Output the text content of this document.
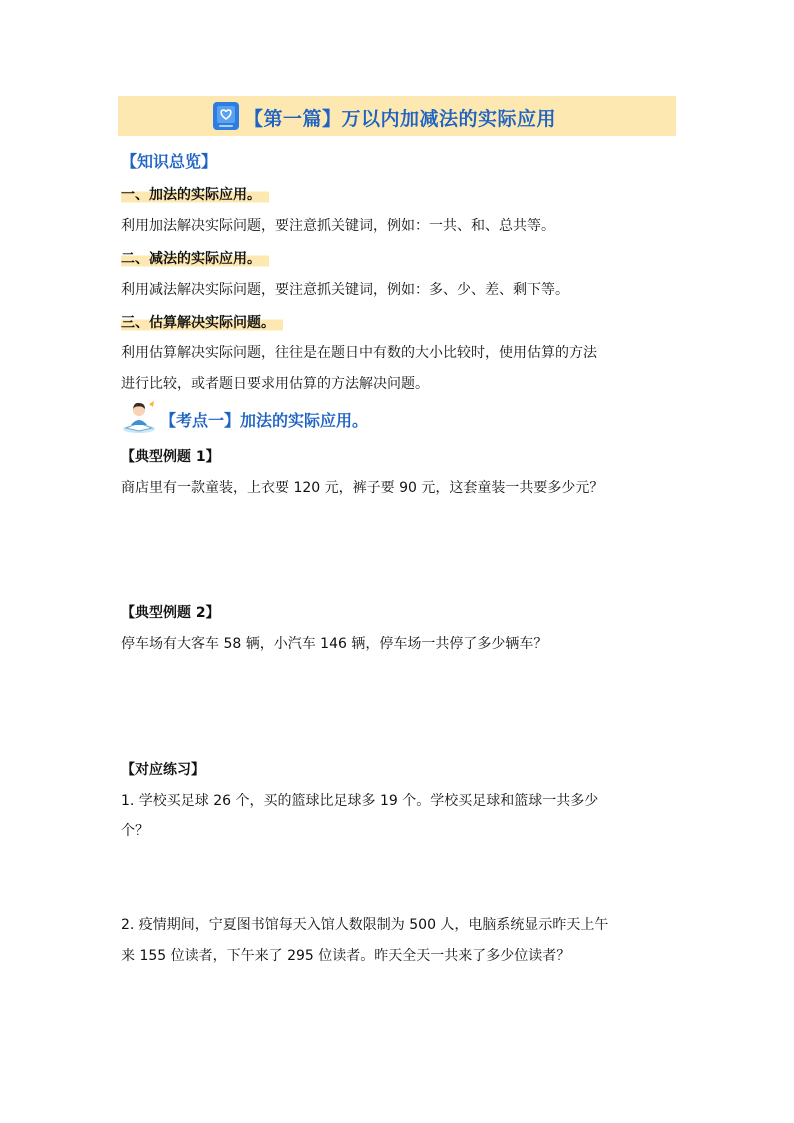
【第一篇】万以内加减法的实际应用
【知识总览】
一、加法的实际应用。
利用加法解决实际问题，要注意抓关键词，例如：一共、和、总共等。
二、减法的实际应用。
利用减法解决实际问题，要注意抓关键词，例如：多、少、差、剩下等。
三、估算解决实际问题。
利用估算解决实际问题，往往是在题日中有数的大小比较时，使用估算的方法
进行比较，或者题日要求用估算的方法解决问题。
【考点一】加法的实际应用。
【典型例题 1】
商店里有一款童装，上衣要 120 元，裤子要 90 元，这套童装一共要多少元？
【典型例题 2】
停车场有大客车 58 辆，小汽车 146 辆，停车场一共停了多少辆车？
【对应练习】
1. 学校买足球 26 个，买的篮球比足球多 19 个。学校买足球和篮球一共多少
个？
2. 疫情期间，宁夏图书馆每天入馆人数限制为 500 人，电脑系统显示昨天上午
来 155 位读者，下午来了 295 位读者。昨天全天一共来了多少位读者？
